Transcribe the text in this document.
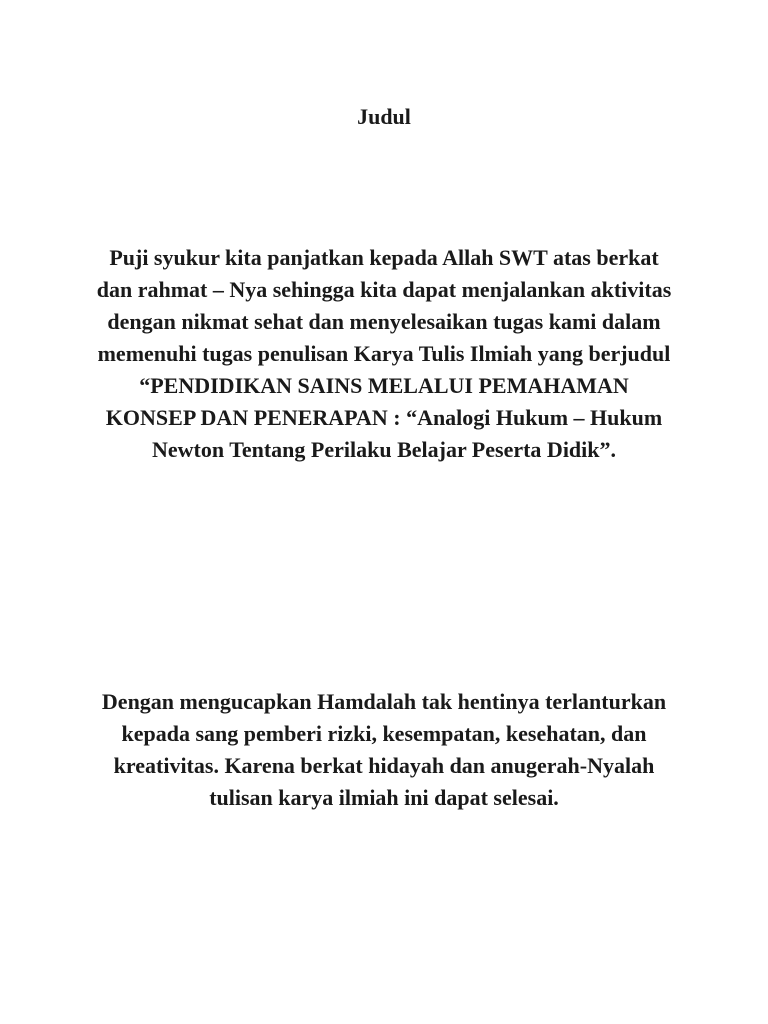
Judul

Puji syukur kita panjatkan kepada Allah SWT atas berkat dan rahmat – Nya sehingga kita dapat menjalankan aktivitas dengan nikmat sehat dan menyelesaikan tugas kami dalam memenuhi tugas penulisan Karya Tulis Ilmiah yang berjudul “PENDIDIKAN SAINS MELALUI PEMAHAMAN KONSEP DAN PENERAPAN : “Analogi Hukum – Hukum Newton Tentang Perilaku Belajar Peserta Didik”.

Dengan mengucapkan Hamdalah tak hentinya terlanturkan kepada sang pemberi rizki, kesempatan, kesehatan, dan kreativitas. Karena berkat hidayah dan anugerah-Nyalah tulisan karya ilmiah ini dapat selesai.
